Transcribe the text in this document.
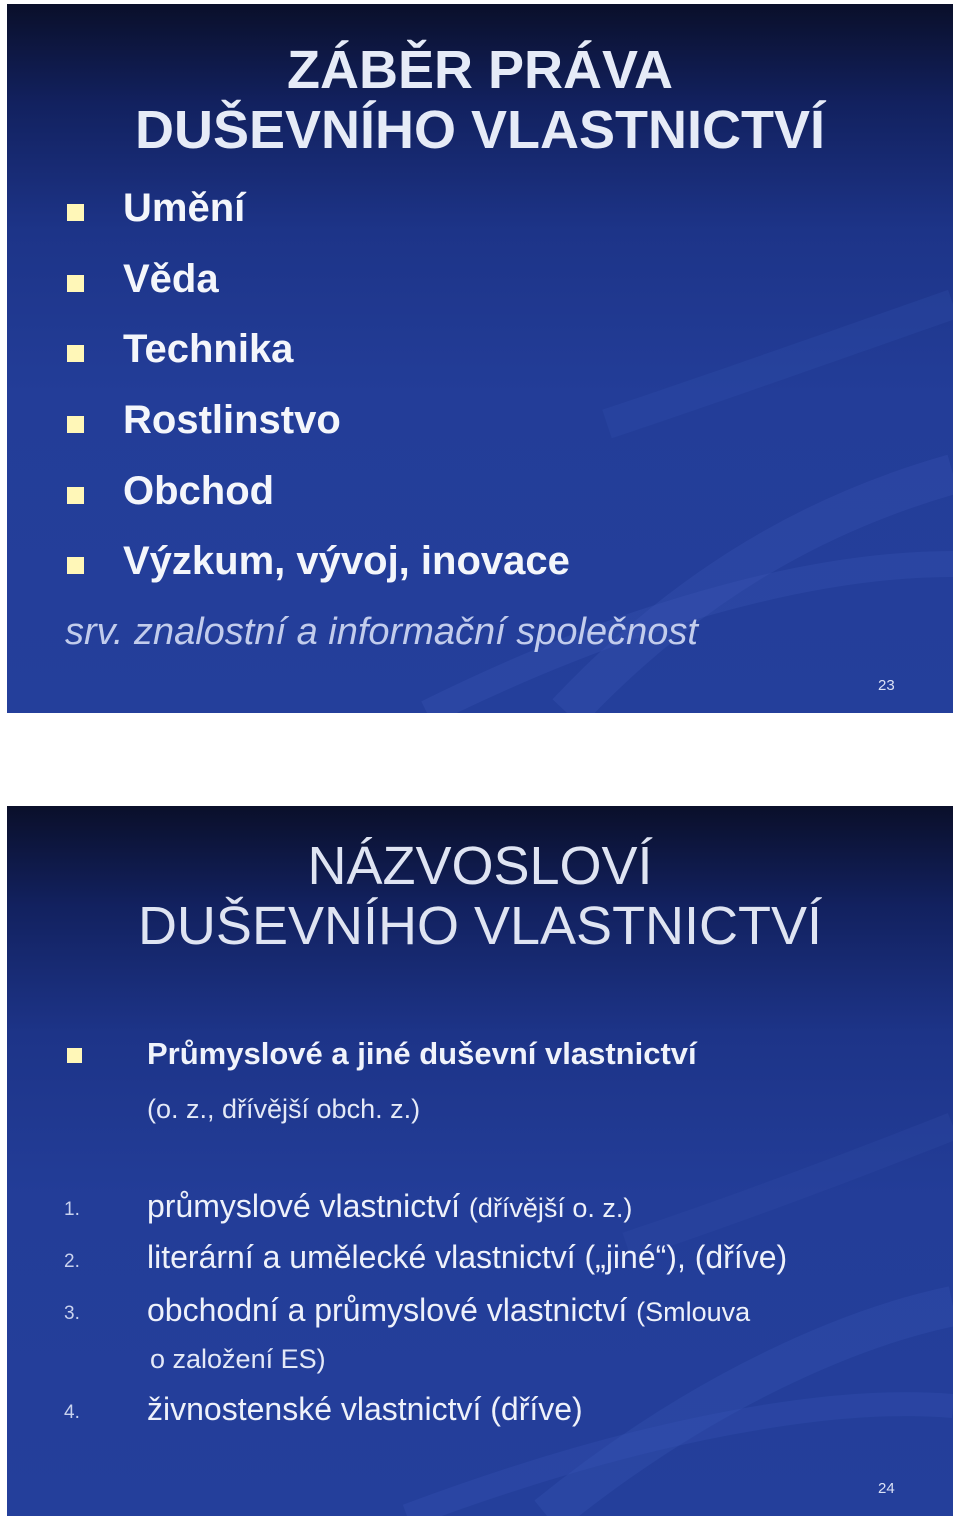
ZÁBĚR PRÁVA
DUŠEVNÍHO VLASTNICTVÍ
Umění
Věda
Technika
Rostlinstvo
Obchod
Výzkum, vývoj, inovace
srv. znalostní a informační společnost
23
NÁZVOSLOVÍ
DUŠEVNÍHO VLASTNICTVÍ
Průmyslové a jiné duševní vlastnictví
(o. z., dřívější obch. z.)
1. průmyslové vlastnictví (dřívější o. z.)
2. literární a umělecké vlastnictví („jiné“), (dříve)
3. obchodní a průmyslové vlastnictví (Smlouva
o založení ES)
4. živnostenské vlastnictví (dříve)
24
